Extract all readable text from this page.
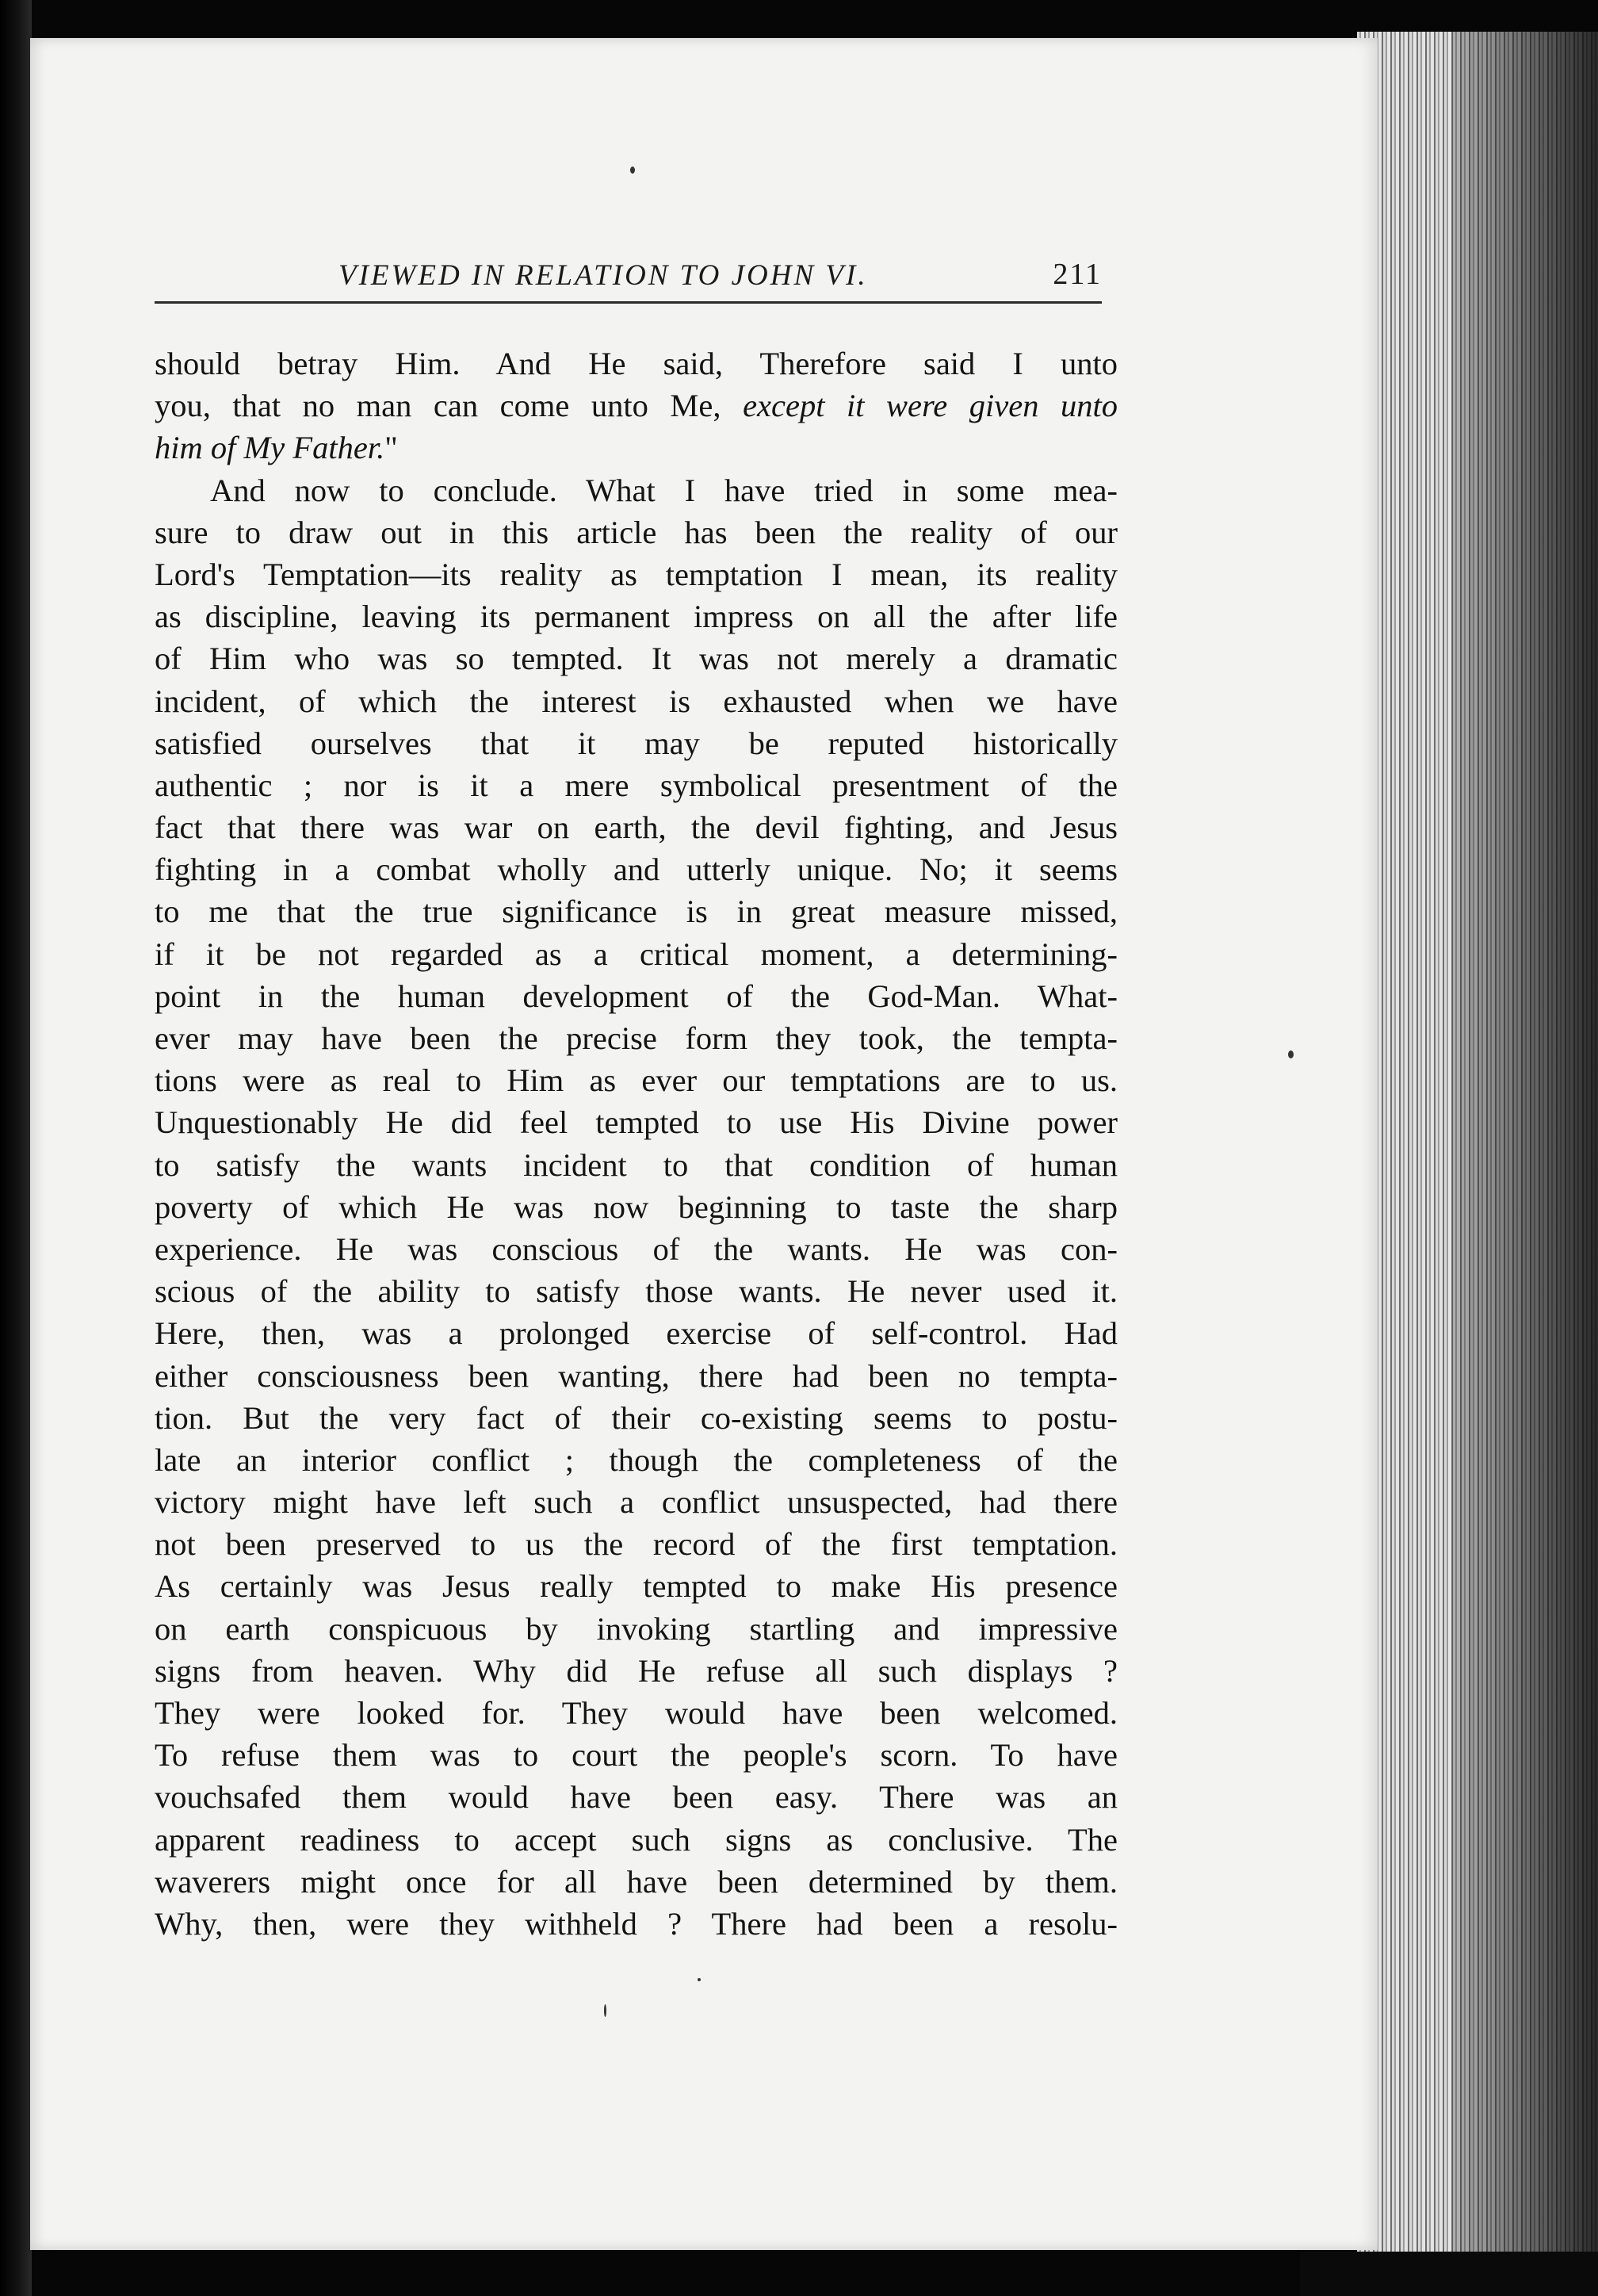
VIEWED IN RELATION TO JOHN VI.	211
should betray Him. And He said, Therefore said I unto
you, that no man can come unto Me, except it were given unto
him of My Father."
And now to conclude. What I have tried in some mea-
sure to draw out in this article has been the reality of our
Lord's Temptation—its reality as temptation I mean, its reality
as discipline, leaving its permanent impress on all the after life
of Him who was so tempted. It was not merely a dramatic
incident, of which the interest is exhausted when we have
satisfied ourselves that it may be reputed historically
authentic ; nor is it a mere symbolical presentment of the
fact that there was war on earth, the devil fighting, and Jesus
fighting in a combat wholly and utterly unique. No; it seems
to me that the true significance is in great measure missed,
if it be not regarded as a critical moment, a determining-
point in the human development of the God-Man. What-
ever may have been the precise form they took, the tempta-
tions were as real to Him as ever our temptations are to us.
Unquestionably He did feel tempted to use His Divine power
to satisfy the wants incident to that condition of human
poverty of which He was now beginning to taste the sharp
experience. He was conscious of the wants. He was con-
scious of the ability to satisfy those wants. He never used it.
Here, then, was a prolonged exercise of self-control. Had
either consciousness been wanting, there had been no tempta-
tion. But the very fact of their co-existing seems to postu-
late an interior conflict ; though the completeness of the
victory might have left such a conflict unsuspected, had there
not been preserved to us the record of the first temptation.
As certainly was Jesus really tempted to make His presence
on earth conspicuous by invoking startling and impressive
signs from heaven. Why did He refuse all such displays ?
They were looked for. They would have been welcomed.
To refuse them was to court the people's scorn. To have
vouchsafed them would have been easy. There was an
apparent readiness to accept such signs as conclusive. The
waverers might once for all have been determined by them.
Why, then, were they withheld ? There had been a resolu-
